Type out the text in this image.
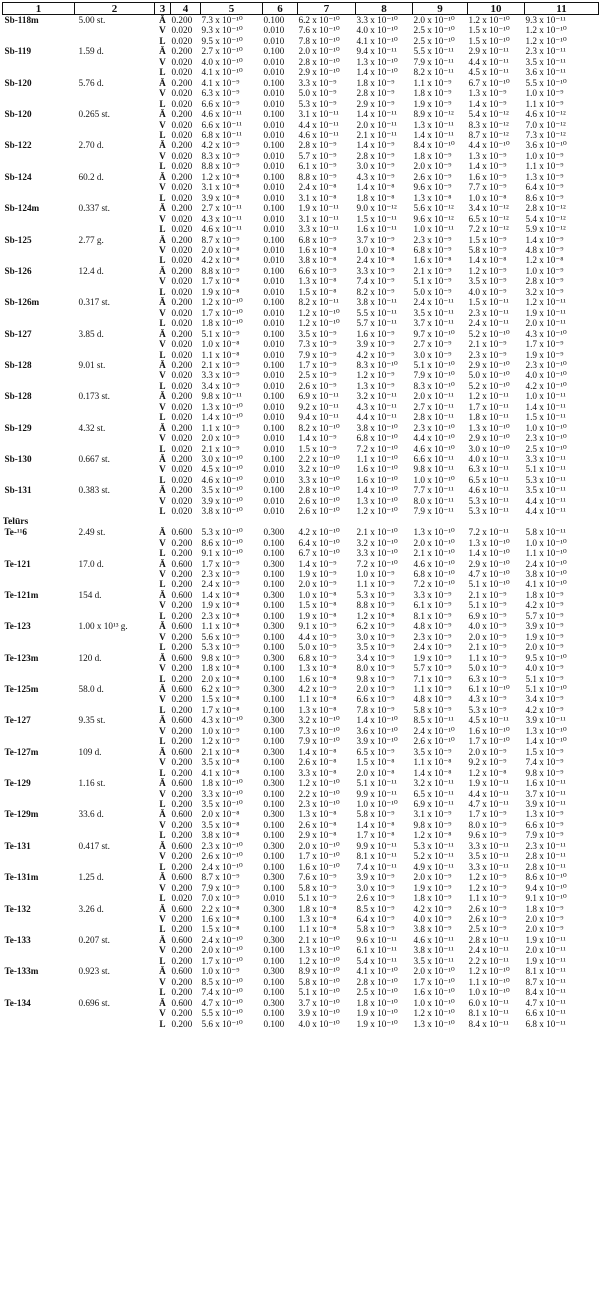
1	2	3	4	5	6	7	8	9	10	11
Sb-118m	5.00 st.	Ă	0.200	7.3 x 10⁻¹⁰	0.100	6.2 x 10⁻¹⁰	3.3 x 10⁻¹⁰	2.0 x 10⁻¹⁰	1.2 x 10⁻¹⁰	9.3 x 10⁻¹¹
		V	0.020	9.3 x 10⁻¹⁰	0.010	7.6 x 10⁻¹⁰	4.0 x 10⁻¹⁰	2.5 x 10⁻¹⁰	1.5 x 10⁻¹⁰	1.2 x 10⁻¹⁰
		L	0.020	9.5 x 10⁻¹⁰	0.010	7.8 x 10⁻¹⁰	4.1 x 10⁻¹⁰	2.5 x 10⁻¹⁰	1.5 x 10⁻¹⁰	1.2 x 10⁻¹⁰
Sb-119	1.59 d.	Ă	0.200	2.7 x 10⁻¹⁰	0.100	2.0 x 10⁻¹⁰	9.4 x 10⁻¹¹	5.5 x 10⁻¹¹	2.9 x 10⁻¹¹	2.3 x 10⁻¹¹
		V	0.020	4.0 x 10⁻¹⁰	0.010	2.8 x 10⁻¹⁰	1.3 x 10⁻¹⁰	7.9 x 10⁻¹¹	4.4 x 10⁻¹¹	3.5 x 10⁻¹¹
		L	0.020	4.1 x 10⁻¹⁰	0.010	2.9 x 10⁻¹⁰	1.4 x 10⁻¹⁰	8.2 x 10⁻¹¹	4.5 x 10⁻¹¹	3.6 x 10⁻¹¹
Sb-120	5.76 d.	Ă	0.200	4.1 x 10⁻⁹	0.100	3.3 x 10⁻⁹	1.8 x 10⁻⁹	1.1 x 10⁻⁹	6.7 x 10⁻¹⁰	5.5 x 10⁻¹⁰
		V	0.020	6.3 x 10⁻⁹	0.010	5.0 x 10⁻⁹	2.8 x 10⁻⁹	1.8 x 10⁻⁹	1.3 x 10⁻⁹	1.0 x 10⁻⁹
		L	0.020	6.6 x 10⁻⁹	0.010	5.3 x 10⁻⁹	2.9 x 10⁻⁹	1.9 x 10⁻⁹	1.4 x 10⁻⁹	1.1 x 10⁻⁹
Sb-120	0.265 st.	Ă	0.200	4.6 x 10⁻¹¹	0.100	3.1 x 10⁻¹¹	1.4 x 10⁻¹¹	8.9 x 10⁻¹²	5.4 x 10⁻¹²	4.6 x 10⁻¹²
		V	0.020	6.6 x 10⁻¹¹	0.010	4.4 x 10⁻¹¹	2.0 x 10⁻¹¹	1.3 x 10⁻¹¹	8.3 x 10⁻¹²	7.0 x 10⁻¹²
		L	0.020	6.8 x 10⁻¹¹	0.010	4.6 x 10⁻¹¹	2.1 x 10⁻¹¹	1.4 x 10⁻¹¹	8.7 x 10⁻¹²	7.3 x 10⁻¹²
Sb-122	2.70 d.	Ă	0.200	4.2 x 10⁻⁹	0.100	2.8 x 10⁻⁹	1.4 x 10⁻⁹	8.4 x 10⁻¹⁰	4.4 x 10⁻¹⁰	3.6 x 10⁻¹⁰
		V	0.020	8.3 x 10⁻⁹	0.010	5.7 x 10⁻⁹	2.8 x 10⁻⁹	1.8 x 10⁻⁹	1.3 x 10⁻⁹	1.0 x 10⁻⁹
		L	0.020	8.8 x 10⁻⁹	0.010	6.1 x 10⁻⁹	3.0 x 10⁻⁹	2.0 x 10⁻⁹	1.4 x 10⁻⁹	1.1 x 10⁻⁹
Sb-124	60.2 d.	Ă	0.200	1.2 x 10⁻⁸	0.100	8.8 x 10⁻⁹	4.3 x 10⁻⁹	2.6 x 10⁻⁹	1.6 x 10⁻⁹	1.3 x 10⁻⁹
		V	0.020	3.1 x 10⁻⁸	0.010	2.4 x 10⁻⁸	1.4 x 10⁻⁸	9.6 x 10⁻⁹	7.7 x 10⁻⁹	6.4 x 10⁻⁹
		L	0.020	3.9 x 10⁻⁸	0.010	3.1 x 10⁻⁸	1.8 x 10⁻⁸	1.3 x 10⁻⁸	1.0 x 10⁻⁸	8.6 x 10⁻⁹
Sb-124m	0.337 st.	Ă	0.200	2.7 x 10⁻¹¹	0.100	1.9 x 10⁻¹¹	9.0 x 10⁻¹²	5.6 x 10⁻¹²	3.4 x 10⁻¹²	2.8 x 10⁻¹²
		V	0.020	4.3 x 10⁻¹¹	0.010	3.1 x 10⁻¹¹	1.5 x 10⁻¹¹	9.6 x 10⁻¹²	6.5 x 10⁻¹²	5.4 x 10⁻¹²
		L	0.020	4.6 x 10⁻¹¹	0.010	3.3 x 10⁻¹¹	1.6 x 10⁻¹¹	1.0 x 10⁻¹¹	7.2 x 10⁻¹²	5.9 x 10⁻¹²
Sb-125	2.77 g.	Ă	0.200	8.7 x 10⁻⁹	0.100	6.8 x 10⁻⁹	3.7 x 10⁻⁹	2.3 x 10⁻⁹	1.5 x 10⁻⁹	1.4 x 10⁻⁹
		V	0.020	2.0 x 10⁻⁸	0.010	1.6 x 10⁻⁸	1.0 x 10⁻⁸	6.8 x 10⁻⁹	5.8 x 10⁻⁹	4.8 x 10⁻⁹
		L	0.020	4.2 x 10⁻⁸	0.010	3.8 x 10⁻⁸	2.4 x 10⁻⁸	1.6 x 10⁻⁸	1.4 x 10⁻⁸	1.2 x 10⁻⁸
Sb-126	12.4 d.	Ă	0.200	8.8 x 10⁻⁹	0.100	6.6 x 10⁻⁹	3.3 x 10⁻⁹	2.1 x 10⁻⁹	1.2 x 10⁻⁹	1.0 x 10⁻⁹
		V	0.020	1.7 x 10⁻⁸	0.010	1.3 x 10⁻⁸	7.4 x 10⁻⁹	5.1 x 10⁻⁹	3.5 x 10⁻⁹	2.8 x 10⁻⁹
		L	0.020	1.9 x 10⁻⁸	0.010	1.5 x 10⁻⁸	8.2 x 10⁻⁹	5.0 x 10⁻⁹	4.0 x 10⁻⁹	3.2 x 10⁻⁹
Sb-126m	0.317 st.	Ă	0.200	1.2 x 10⁻¹⁰	0.100	8.2 x 10⁻¹¹	3.8 x 10⁻¹¹	2.4 x 10⁻¹¹	1.5 x 10⁻¹¹	1.2 x 10⁻¹¹
		V	0.020	1.7 x 10⁻¹⁰	0.010	1.2 x 10⁻¹⁰	5.5 x 10⁻¹¹	3.5 x 10⁻¹¹	2.3 x 10⁻¹¹	1.9 x 10⁻¹¹
		L	0.020	1.8 x 10⁻¹⁰	0.010	1.2 x 10⁻¹⁰	5.7 x 10⁻¹¹	3.7 x 10⁻¹¹	2.4 x 10⁻¹¹	2.0 x 10⁻¹¹
Sb-127	3.85 d.	Ă	0.200	5.1 x 10⁻⁹	0.100	3.5 x 10⁻⁹	1.6 x 10⁻⁹	9.7 x 10⁻¹⁰	5.2 x 10⁻¹⁰	4.3 x 10⁻¹⁰
		V	0.020	1.0 x 10⁻⁸	0.010	7.3 x 10⁻⁹	3.9 x 10⁻⁹	2.7 x 10⁻⁹	2.1 x 10⁻⁹	1.7 x 10⁻⁹
		L	0.020	1.1 x 10⁻⁸	0.010	7.9 x 10⁻⁹	4.2 x 10⁻⁹	3.0 x 10⁻⁹	2.3 x 10⁻⁹	1.9 x 10⁻⁹
Sb-128	9.01 st.	Ă	0.200	2.1 x 10⁻⁹	0.100	1.7 x 10⁻⁹	8.3 x 10⁻¹⁰	5.1 x 10⁻¹⁰	2.9 x 10⁻¹⁰	2.3 x 10⁻¹⁰
		V	0.020	3.3 x 10⁻⁹	0.010	2.5 x 10⁻⁹	1.2 x 10⁻⁹	7.9 x 10⁻¹⁰	5.0 x 10⁻¹⁰	4.0 x 10⁻¹⁰
		L	0.020	3.4 x 10⁻⁹	0.010	2.6 x 10⁻⁹	1.3 x 10⁻⁹	8.3 x 10⁻¹⁰	5.2 x 10⁻¹⁰	4.2 x 10⁻¹⁰
Sb-128	0.173 st.	Ă	0.200	9.8 x 10⁻¹¹	0.100	6.9 x 10⁻¹¹	3.2 x 10⁻¹¹	2.0 x 10⁻¹¹	1.2 x 10⁻¹¹	1.0 x 10⁻¹¹
		V	0.020	1.3 x 10⁻¹⁰	0.010	9.2 x 10⁻¹¹	4.3 x 10⁻¹¹	2.7 x 10⁻¹¹	1.7 x 10⁻¹¹	1.4 x 10⁻¹¹
		L	0.020	1.4 x 10⁻¹⁰	0.010	9.4 x 10⁻¹¹	4.4 x 10⁻¹¹	2.8 x 10⁻¹¹	1.8 x 10⁻¹¹	1.5 x 10⁻¹¹
Sb-129	4.32 st.	Ă	0.200	1.1 x 10⁻⁹	0.100	8.2 x 10⁻¹⁰	3.8 x 10⁻¹⁰	2.3 x 10⁻¹⁰	1.3 x 10⁻¹⁰	1.0 x 10⁻¹⁰
		V	0.020	2.0 x 10⁻⁹	0.010	1.4 x 10⁻⁹	6.8 x 10⁻¹⁰	4.4 x 10⁻¹⁰	2.9 x 10⁻¹⁰	2.3 x 10⁻¹⁰
		L	0.020	2.1 x 10⁻⁹	0.010	1.5 x 10⁻⁹	7.2 x 10⁻¹⁰	4.6 x 10⁻¹⁰	3.0 x 10⁻¹⁰	2.5 x 10⁻¹⁰
Sb-130	0.667 st.	Ă	0.200	3.0 x 10⁻¹⁰	0.100	2.2 x 10⁻¹⁰	1.1 x 10⁻¹⁰	6.6 x 10⁻¹¹	4.0 x 10⁻¹¹	3.3 x 10⁻¹¹
		V	0.020	4.5 x 10⁻¹⁰	0.010	3.2 x 10⁻¹⁰	1.6 x 10⁻¹⁰	9.8 x 10⁻¹¹	6.3 x 10⁻¹¹	5.1 x 10⁻¹¹
		L	0.020	4.6 x 10⁻¹⁰	0.010	3.3 x 10⁻¹⁰	1.6 x 10⁻¹⁰	1.0 x 10⁻¹⁰	6.5 x 10⁻¹¹	5.3 x 10⁻¹¹
Sb-131	0.383 st.	Ă	0.200	3.5 x 10⁻¹⁰	0.100	2.8 x 10⁻¹⁰	1.4 x 10⁻¹⁰	7.7 x 10⁻¹¹	4.6 x 10⁻¹¹	3.5 x 10⁻¹¹
		V	0.020	3.9 x 10⁻¹⁰	0.010	2.6 x 10⁻¹⁰	1.3 x 10⁻¹⁰	8.0 x 10⁻¹¹	5.3 x 10⁻¹¹	4.4 x 10⁻¹¹
		L	0.020	3.8 x 10⁻¹⁰	0.010	2.6 x 10⁻¹⁰	1.2 x 10⁻¹⁰	7.9 x 10⁻¹¹	5.3 x 10⁻¹¹	4.4 x 10⁻¹¹
Telūrs										
Te-¹¹6	2.49 st.	Ă	0.600	5.3 x 10⁻¹⁰	0.300	4.2 x 10⁻¹⁰	2.1 x 10⁻¹⁰	1.3 x 10⁻¹⁰	7.2 x 10⁻¹¹	5.8 x 10⁻¹¹
		V	0.200	8.6 x 10⁻¹⁰	0.100	6.4 x 10⁻¹⁰	3.2 x 10⁻¹⁰	2.0 x 10⁻¹⁰	1.3 x 10⁻¹⁰	1.0 x 10⁻¹⁰
		L	0.200	9.1 x 10⁻¹⁰	0.100	6.7 x 10⁻¹⁰	3.3 x 10⁻¹⁰	2.1 x 10⁻¹⁰	1.4 x 10⁻¹⁰	1.1 x 10⁻¹⁰
Te-121	17.0 d.	Ă	0.600	1.7 x 10⁻⁹	0.300	1.4 x 10⁻⁹	7.2 x 10⁻¹⁰	4.6 x 10⁻¹⁰	2.9 x 10⁻¹⁰	2.4 x 10⁻¹⁰
		V	0.200	2.3 x 10⁻⁹	0.100	1.9 x 10⁻⁹	1.0 x 10⁻⁹	6.8 x 10⁻¹⁰	4.7 x 10⁻¹⁰	3.8 x 10⁻¹⁰
		L	0.200	2.4 x 10⁻⁹	0.100	2.0 x 10⁻⁹	1.1 x 10⁻⁹	7.2 x 10⁻¹⁰	5.1 x 10⁻¹⁰	4.1 x 10⁻¹⁰
Te-121m	154 d.	Ă	0.600	1.4 x 10⁻⁸	0.300	1.0 x 10⁻⁸	5.3 x 10⁻⁹	3.3 x 10⁻⁹	2.1 x 10⁻⁹	1.8 x 10⁻⁹
		V	0.200	1.9 x 10⁻⁸	0.100	1.5 x 10⁻⁸	8.8 x 10⁻⁹	6.1 x 10⁻⁹	5.1 x 10⁻⁹	4.2 x 10⁻⁹
		L	0.200	2.3 x 10⁻⁸	0.100	1.9 x 10⁻⁸	1.2 x 10⁻⁸	8.1 x 10⁻⁹	6.9 x 10⁻⁹	5.7 x 10⁻⁹
Te-123	1.00 x 10¹³ g.	Ă	0.600	1.1 x 10⁻⁸	0.300	9.1 x 10⁻⁹	6.2 x 10⁻⁹	4.8 x 10⁻⁹	4.0 x 10⁻⁹	3.9 x 10⁻⁹
		V	0.200	5.6 x 10⁻⁹	0.100	4.4 x 10⁻⁹	3.0 x 10⁻⁹	2.3 x 10⁻⁹	2.0 x 10⁻⁹	1.9 x 10⁻⁹
		L	0.200	5.3 x 10⁻⁹	0.100	5.0 x 10⁻⁹	3.5 x 10⁻⁹	2.4 x 10⁻⁹	2.1 x 10⁻⁹	2.0 x 10⁻⁹
Te-123m	120 d.	Ă	0.600	9.8 x 10⁻⁹	0.300	6.8 x 10⁻⁹	3.4 x 10⁻⁹	1.9 x 10⁻⁹	1.1 x 10⁻⁹	9.5 x 10⁻¹⁰
		V	0.200	1.8 x 10⁻⁸	0.100	1.3 x 10⁻⁸	8.0 x 10⁻⁹	5.7 x 10⁻⁹	5.0 x 10⁻⁹	4.0 x 10⁻⁹
		L	0.200	2.0 x 10⁻⁸	0.100	1.6 x 10⁻⁸	9.8 x 10⁻⁹	7.1 x 10⁻⁹	6.3 x 10⁻⁹	5.1 x 10⁻⁹
Te-125m	58.0 d.	Ă	0.600	6.2 x 10⁻⁹	0.300	4.2 x 10⁻⁹	2.0 x 10⁻⁹	1.1 x 10⁻⁹	6.1 x 10⁻¹⁰	5.1 x 10⁻¹⁰
		V	0.200	1.5 x 10⁻⁸	0.100	1.1 x 10⁻⁸	6.6 x 10⁻⁹	4.8 x 10⁻⁹	4.3 x 10⁻⁹	3.4 x 10⁻⁹
		L	0.200	1.7 x 10⁻⁸	0.100	1.3 x 10⁻⁸	7.8 x 10⁻⁹	5.8 x 10⁻⁹	5.3 x 10⁻⁹	4.2 x 10⁻⁹
Te-127	9.35 st.	Ă	0.600	4.3 x 10⁻¹⁰	0.300	3.2 x 10⁻¹⁰	1.4 x 10⁻¹⁰	8.5 x 10⁻¹¹	4.5 x 10⁻¹¹	3.9 x 10⁻¹¹
		V	0.200	1.0 x 10⁻⁹	0.100	7.3 x 10⁻¹⁰	3.6 x 10⁻¹⁰	2.4 x 10⁻¹⁰	1.6 x 10⁻¹⁰	1.3 x 10⁻¹⁰
		L	0.200	1.2 x 10⁻⁹	0.100	7.9 x 10⁻¹⁰	3.9 x 10⁻¹⁰	2.6 x 10⁻¹⁰	1.7 x 10⁻¹⁰	1.4 x 10⁻¹⁰
Te-127m	109 d.	Ă	0.600	2.1 x 10⁻⁸	0.300	1.4 x 10⁻⁸	6.5 x 10⁻⁹	3.5 x 10⁻⁹	2.0 x 10⁻⁹	1.5 x 10⁻⁹
		V	0.200	3.5 x 10⁻⁸	0.100	2.6 x 10⁻⁸	1.5 x 10⁻⁸	1.1 x 10⁻⁸	9.2 x 10⁻⁹	7.4 x 10⁻⁹
		L	0.200	4.1 x 10⁻⁸	0.100	3.3 x 10⁻⁸	2.0 x 10⁻⁸	1.4 x 10⁻⁸	1.2 x 10⁻⁸	9.8 x 10⁻⁹
Te-129	1.16 st.	Ă	0.600	1.8 x 10⁻¹⁰	0.300	1.2 x 10⁻¹⁰	5.1 x 10⁻¹¹	3.2 x 10⁻¹¹	1.9 x 10⁻¹¹	1.6 x 10⁻¹¹
		V	0.200	3.3 x 10⁻¹⁰	0.100	2.2 x 10⁻¹⁰	9.9 x 10⁻¹¹	6.5 x 10⁻¹¹	4.4 x 10⁻¹¹	3.7 x 10⁻¹¹
		L	0.200	3.5 x 10⁻¹⁰	0.100	2.3 x 10⁻¹⁰	1.0 x 10⁻¹⁰	6.9 x 10⁻¹¹	4.7 x 10⁻¹¹	3.9 x 10⁻¹¹
Te-129m	33.6 d.	Ă	0.600	2.0 x 10⁻⁸	0.300	1.3 x 10⁻⁸	5.8 x 10⁻⁹	3.1 x 10⁻⁹	1.7 x 10⁻⁹	1.3 x 10⁻⁹
		V	0.200	3.5 x 10⁻⁸	0.100	2.6 x 10⁻⁸	1.4 x 10⁻⁸	9.8 x 10⁻⁹	8.0 x 10⁻⁹	6.6 x 10⁻⁹
		L	0.200	3.8 x 10⁻⁸	0.100	2.9 x 10⁻⁸	1.7 x 10⁻⁸	1.2 x 10⁻⁸	9.6 x 10⁻⁹	7.9 x 10⁻⁹
Te-131	0.417 st.	Ă	0.600	2.3 x 10⁻¹⁰	0.300	2.0 x 10⁻¹⁰	9.9 x 10⁻¹¹	5.3 x 10⁻¹¹	3.3 x 10⁻¹¹	2.3 x 10⁻¹¹
		V	0.200	2.6 x 10⁻¹⁰	0.100	1.7 x 10⁻¹⁰	8.1 x 10⁻¹¹	5.2 x 10⁻¹¹	3.5 x 10⁻¹¹	2.8 x 10⁻¹¹
		L	0.200	2.4 x 10⁻¹⁰	0.100	1.6 x 10⁻¹⁰	7.4 x 10⁻¹¹	4.9 x 10⁻¹¹	3.3 x 10⁻¹¹	2.8 x 10⁻¹¹
Te-131m	1.25 d.	Ă	0.600	8.7 x 10⁻⁹	0.300	7.6 x 10⁻⁹	3.9 x 10⁻⁹	2.0 x 10⁻⁹	1.2 x 10⁻⁹	8.6 x 10⁻¹⁰
		V	0.200	7.9 x 10⁻⁹	0.100	5.8 x 10⁻⁹	3.0 x 10⁻⁹	1.9 x 10⁻⁹	1.2 x 10⁻⁹	9.4 x 10⁻¹⁰
		L	0.020	7.0 x 10⁻⁹	0.010	5.1 x 10⁻⁹	2.6 x 10⁻⁹	1.8 x 10⁻⁹	1.1 x 10⁻⁹	9.1 x 10⁻¹⁰
Te-132	3.26 d.	Ă	0.600	2.2 x 10⁻⁸	0.300	1.8 x 10⁻⁸	8.5 x 10⁻⁹	4.2 x 10⁻⁹	2.6 x 10⁻⁹	1.8 x 10⁻⁹
		V	0.200	1.6 x 10⁻⁸	0.100	1.3 x 10⁻⁸	6.4 x 10⁻⁹	4.0 x 10⁻⁹	2.6 x 10⁻⁹	2.0 x 10⁻⁹
		L	0.200	1.5 x 10⁻⁸	0.100	1.1 x 10⁻⁸	5.8 x 10⁻⁹	3.8 x 10⁻⁹	2.5 x 10⁻⁹	2.0 x 10⁻⁹
Te-133	0.207 st.	Ă	0.600	2.4 x 10⁻¹⁰	0.300	2.1 x 10⁻¹⁰	9.6 x 10⁻¹¹	4.6 x 10⁻¹¹	2.8 x 10⁻¹¹	1.9 x 10⁻¹¹
		V	0.200	2.0 x 10⁻¹⁰	0.100	1.3 x 10⁻¹⁰	6.1 x 10⁻¹¹	3.8 x 10⁻¹¹	2.4 x 10⁻¹¹	2.0 x 10⁻¹¹
		L	0.200	1.7 x 10⁻¹⁰	0.100	1.2 x 10⁻¹⁰	5.4 x 10⁻¹¹	3.5 x 10⁻¹¹	2.2 x 10⁻¹¹	1.9 x 10⁻¹¹
Te-133m	0.923 st.	Ă	0.600	1.0 x 10⁻⁹	0.300	8.9 x 10⁻¹⁰	4.1 x 10⁻¹⁰	2.0 x 10⁻¹⁰	1.2 x 10⁻¹⁰	8.1 x 10⁻¹¹
		V	0.200	8.5 x 10⁻¹⁰	0.100	5.8 x 10⁻¹⁰	2.8 x 10⁻¹⁰	1.7 x 10⁻¹⁰	1.1 x 10⁻¹⁰	8.7 x 10⁻¹¹
		L	0.200	7.4 x 10⁻¹⁰	0.100	5.1 x 10⁻¹⁰	2.5 x 10⁻¹⁰	1.6 x 10⁻¹⁰	1.0 x 10⁻¹⁰	8.4 x 10⁻¹¹
Te-134	0.696 st.	Ă	0.600	4.7 x 10⁻¹⁰	0.300	3.7 x 10⁻¹⁰	1.8 x 10⁻¹⁰	1.0 x 10⁻¹⁰	6.0 x 10⁻¹¹	4.7 x 10⁻¹¹
		V	0.200	5.5 x 10⁻¹⁰	0.100	3.9 x 10⁻¹⁰	1.9 x 10⁻¹⁰	1.2 x 10⁻¹⁰	8.1 x 10⁻¹¹	6.6 x 10⁻¹¹
		L	0.200	5.6 x 10⁻¹⁰	0.100	4.0 x 10⁻¹⁰	1.9 x 10⁻¹⁰	1.3 x 10⁻¹⁰	8.4 x 10⁻¹¹	6.8 x 10⁻¹¹
